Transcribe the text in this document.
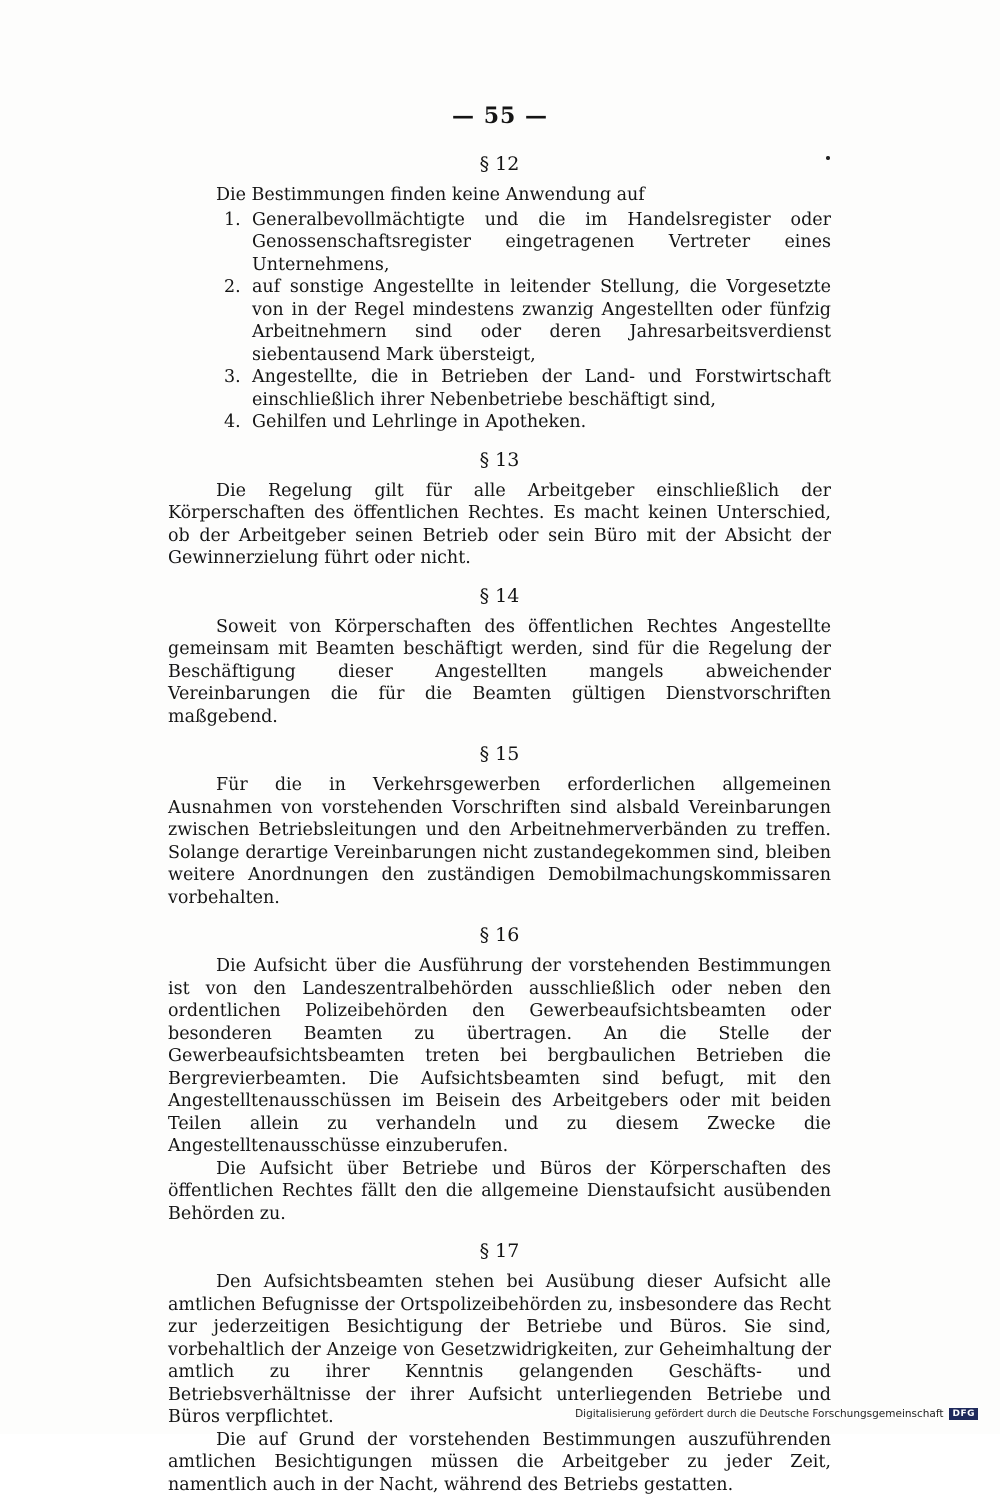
— 55 —
§ 12

Die Bestimmungen finden keine Anwendung auf

1. Generalbevollmächtigte und die im Handelsregister oder Genossenschaftsregister eingetragenen Vertreter eines Unternehmens,
2. auf sonstige Angestellte in leitender Stellung, die Vorgesetzte von in der Regel mindestens zwanzig Angestellten oder fünfzig Arbeitnehmern sind oder deren Jahresarbeitsverdienst siebentausend Mark übersteigt,
3. Angestellte, die in Betrieben der Land- und Forstwirtschaft einschließlich ihrer Nebenbetriebe beschäftigt sind,
4. Gehilfen und Lehrlinge in Apotheken.
§ 13

Die Regelung gilt für alle Arbeitgeber einschließlich der Körperschaften des öffentlichen Rechtes. Es macht keinen Unterschied, ob der Arbeitgeber seinen Betrieb oder sein Büro mit der Absicht der Gewinnerzielung führt oder nicht.

§ 14

Soweit von Körperschaften des öffentlichen Rechtes Angestellte gemeinsam mit Beamten beschäftigt werden, sind für die Regelung der Beschäftigung dieser Angestellten mangels abweichender Vereinbarungen die für die Beamten gültigen Dienstvorschriften maßgebend.

§ 15

Für die in Verkehrsgewerben erforderlichen allgemeinen Ausnahmen von vorstehenden Vorschriften sind alsbald Vereinbarungen zwischen Betriebsleitungen und den Arbeitnehmerverbänden zu treffen. Solange derartige Vereinbarungen nicht zustandegekommen sind, bleiben weitere Anordnungen den zuständigen Demobilmachungskommissaren vorbehalten.

§ 16

Die Aufsicht über die Ausführung der vorstehenden Bestimmungen ist von den Landeszentralbehörden ausschließlich oder neben den ordentlichen Polizeibehörden den Gewerbeaufsichtsbeamten oder besonderen Beamten zu übertragen. An die Stelle der Gewerbeaufsichtsbeamten treten bei bergbaulichen Betrieben die Bergrevierbeamten. Die Aufsichtsbeamten sind befugt, mit den Angestelltenausschüssen im Beisein des Arbeitgebers oder mit beiden Teilen allein zu verhandeln und zu diesem Zwecke die Angestelltenausschüsse einzuberufen.

Die Aufsicht über Betriebe und Büros der Körperschaften des öffentlichen Rechtes fällt den die allgemeine Dienstaufsicht ausübenden Behörden zu.

§ 17

Den Aufsichtsbeamten stehen bei Ausübung dieser Aufsicht alle amtlichen Befugnisse der Ortspolizeibehörden zu, insbesondere das Recht zur jederzeitigen Besichtigung der Betriebe und Büros. Sie sind, vorbehaltlich der Anzeige von Gesetzwidrigkeiten, zur Geheimhaltung der amtlich zu ihrer Kenntnis gelangenden Geschäfts- und Betriebsverhältnisse der ihrer Aufsicht unterliegenden Betriebe und Büros verpflichtet.

Die auf Grund der vorstehenden Bestimmungen auszuführenden amtlichen Besichtigungen müssen die Arbeitgeber zu jeder Zeit, namentlich auch in der Nacht, während des Betriebs gestatten.

Digitalisierung gefördert durch die Deutsche Forschungsgemeinschaft	DFG
